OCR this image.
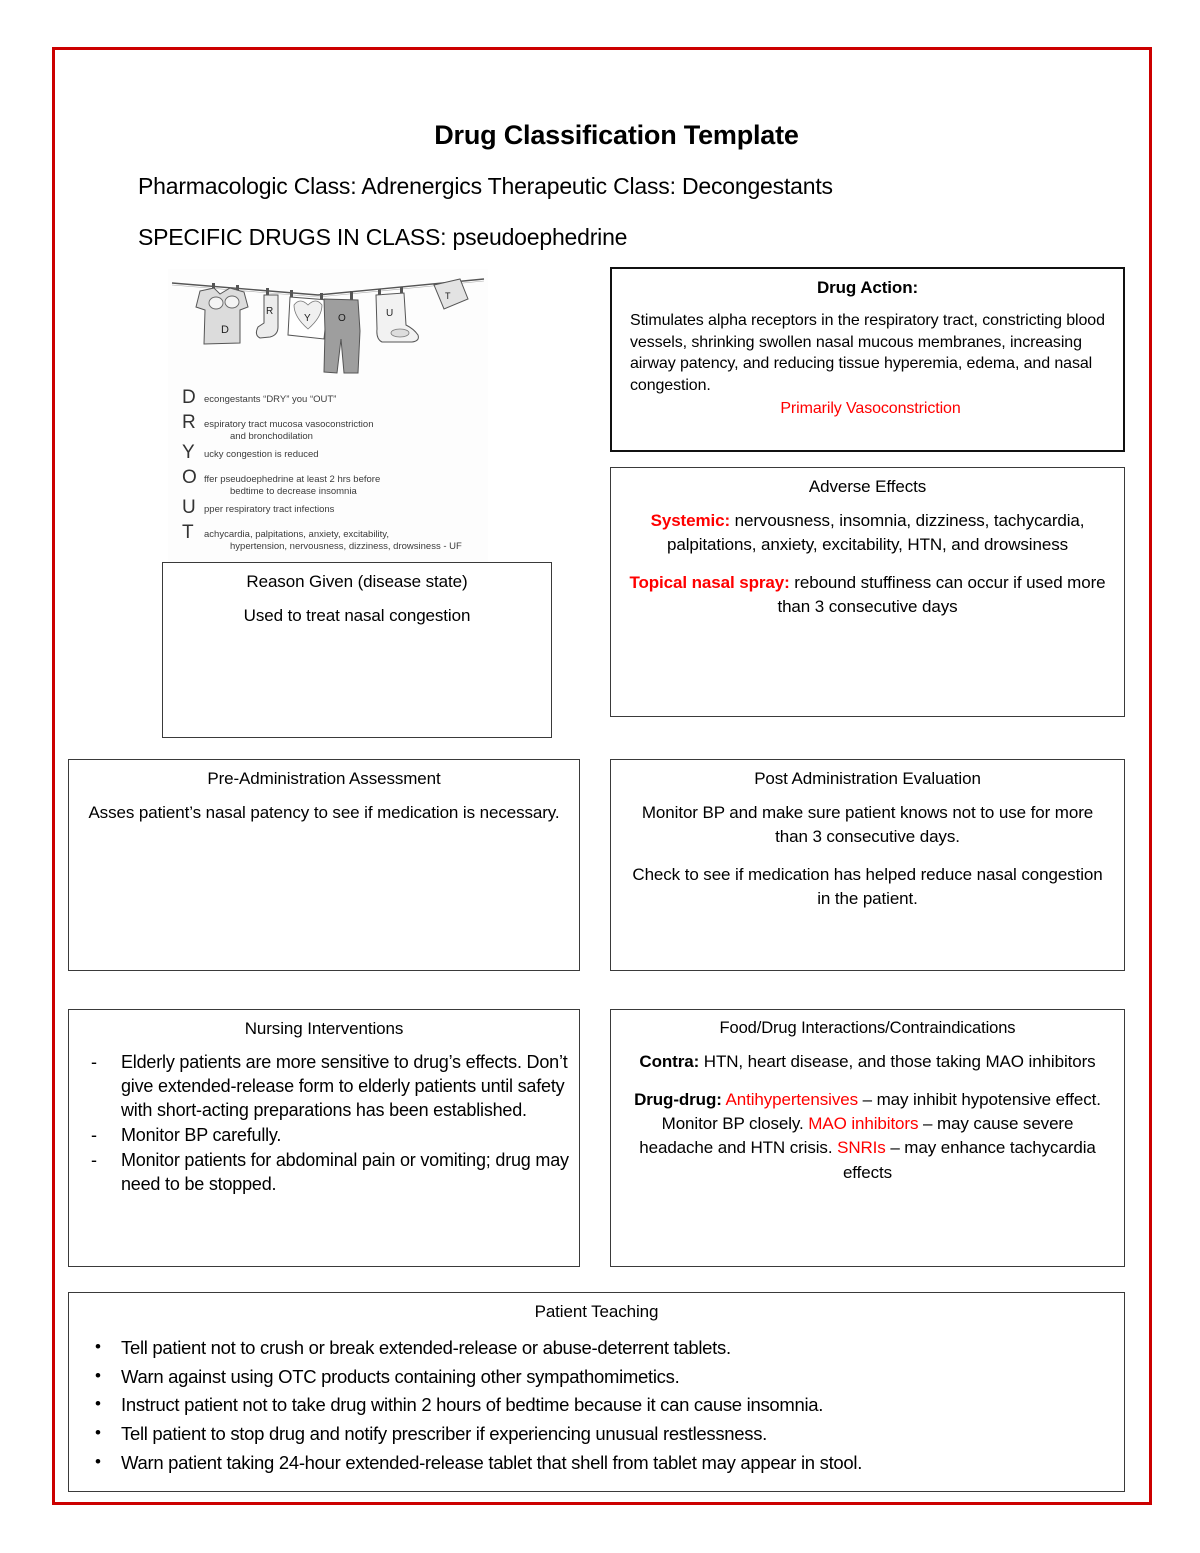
Drug Classification Template
Pharmacologic Class: Adrenergics Therapeutic Class: Decongestants
SPECIFIC DRUGS IN CLASS: pseudoephedrine
D
R
Y	O	U
T
D econgestants “DRY” you “OUT”
R espiratory tract mucosa vasoconstriction
and bronchodilation
Y ucky congestion is reduced
O ffer pseudoephedrine at least 2 hrs before
bedtime to decrease insomnia
U pper respiratory tract infections
T	achycardia, palpitations, anxiety, excitability,
hypertension, nervousness, dizziness, drowsiness - UF
Drug Action:
Stimulates alpha receptors in the respiratory tract, constricting blood vessels, shrinking swollen nasal mucous membranes, increasing airway patency, and reducing tissue hyperemia, edema, and nasal congestion.
Primarily Vasoconstriction
Adverse Effects

Systemic: nervousness, insomnia, dizziness, tachycardia, palpitations, anxiety, excitability, HTN, and drowsiness

Topical nasal spray: rebound stuffiness can occur if used more than 3 consecutive days

Reason Given (disease state)

Used to treat nasal congestion

Pre-Administration Assessment

Asses patient’s nasal patency to see if medication is necessary.

Post Administration Evaluation

Monitor BP and make sure patient knows not to use for more than 3 consecutive days.

Check to see if medication has helped reduce nasal congestion in the patient.

Nursing Interventions
- Elderly patients are more sensitive to drug’s effects. Don’t give extended-release form to elderly patients until safety with short-acting preparations has been established.
- Monitor BP carefully.
- Monitor patients for abdominal pain or vomiting; drug may need to be stopped.
Food/Drug Interactions/Contraindications

Contra: HTN, heart disease, and those taking MAO inhibitors

Drug-drug: Antihypertensives – may inhibit hypotensive effect. Monitor BP closely. MAO inhibitors – may cause severe headache and HTN crisis. SNRIs – may enhance tachycardia effects

Patient Teaching
• Tell patient not to crush or break extended-release or abuse-deterrent tablets.
• Warn against using OTC products containing other sympathomimetics.
• Instruct patient not to take drug within 2 hours of bedtime because it can cause insomnia.
• Tell patient to stop drug and notify prescriber if experiencing unusual restlessness.
• Warn patient taking 24-hour extended-release tablet that shell from tablet may appear in stool.
